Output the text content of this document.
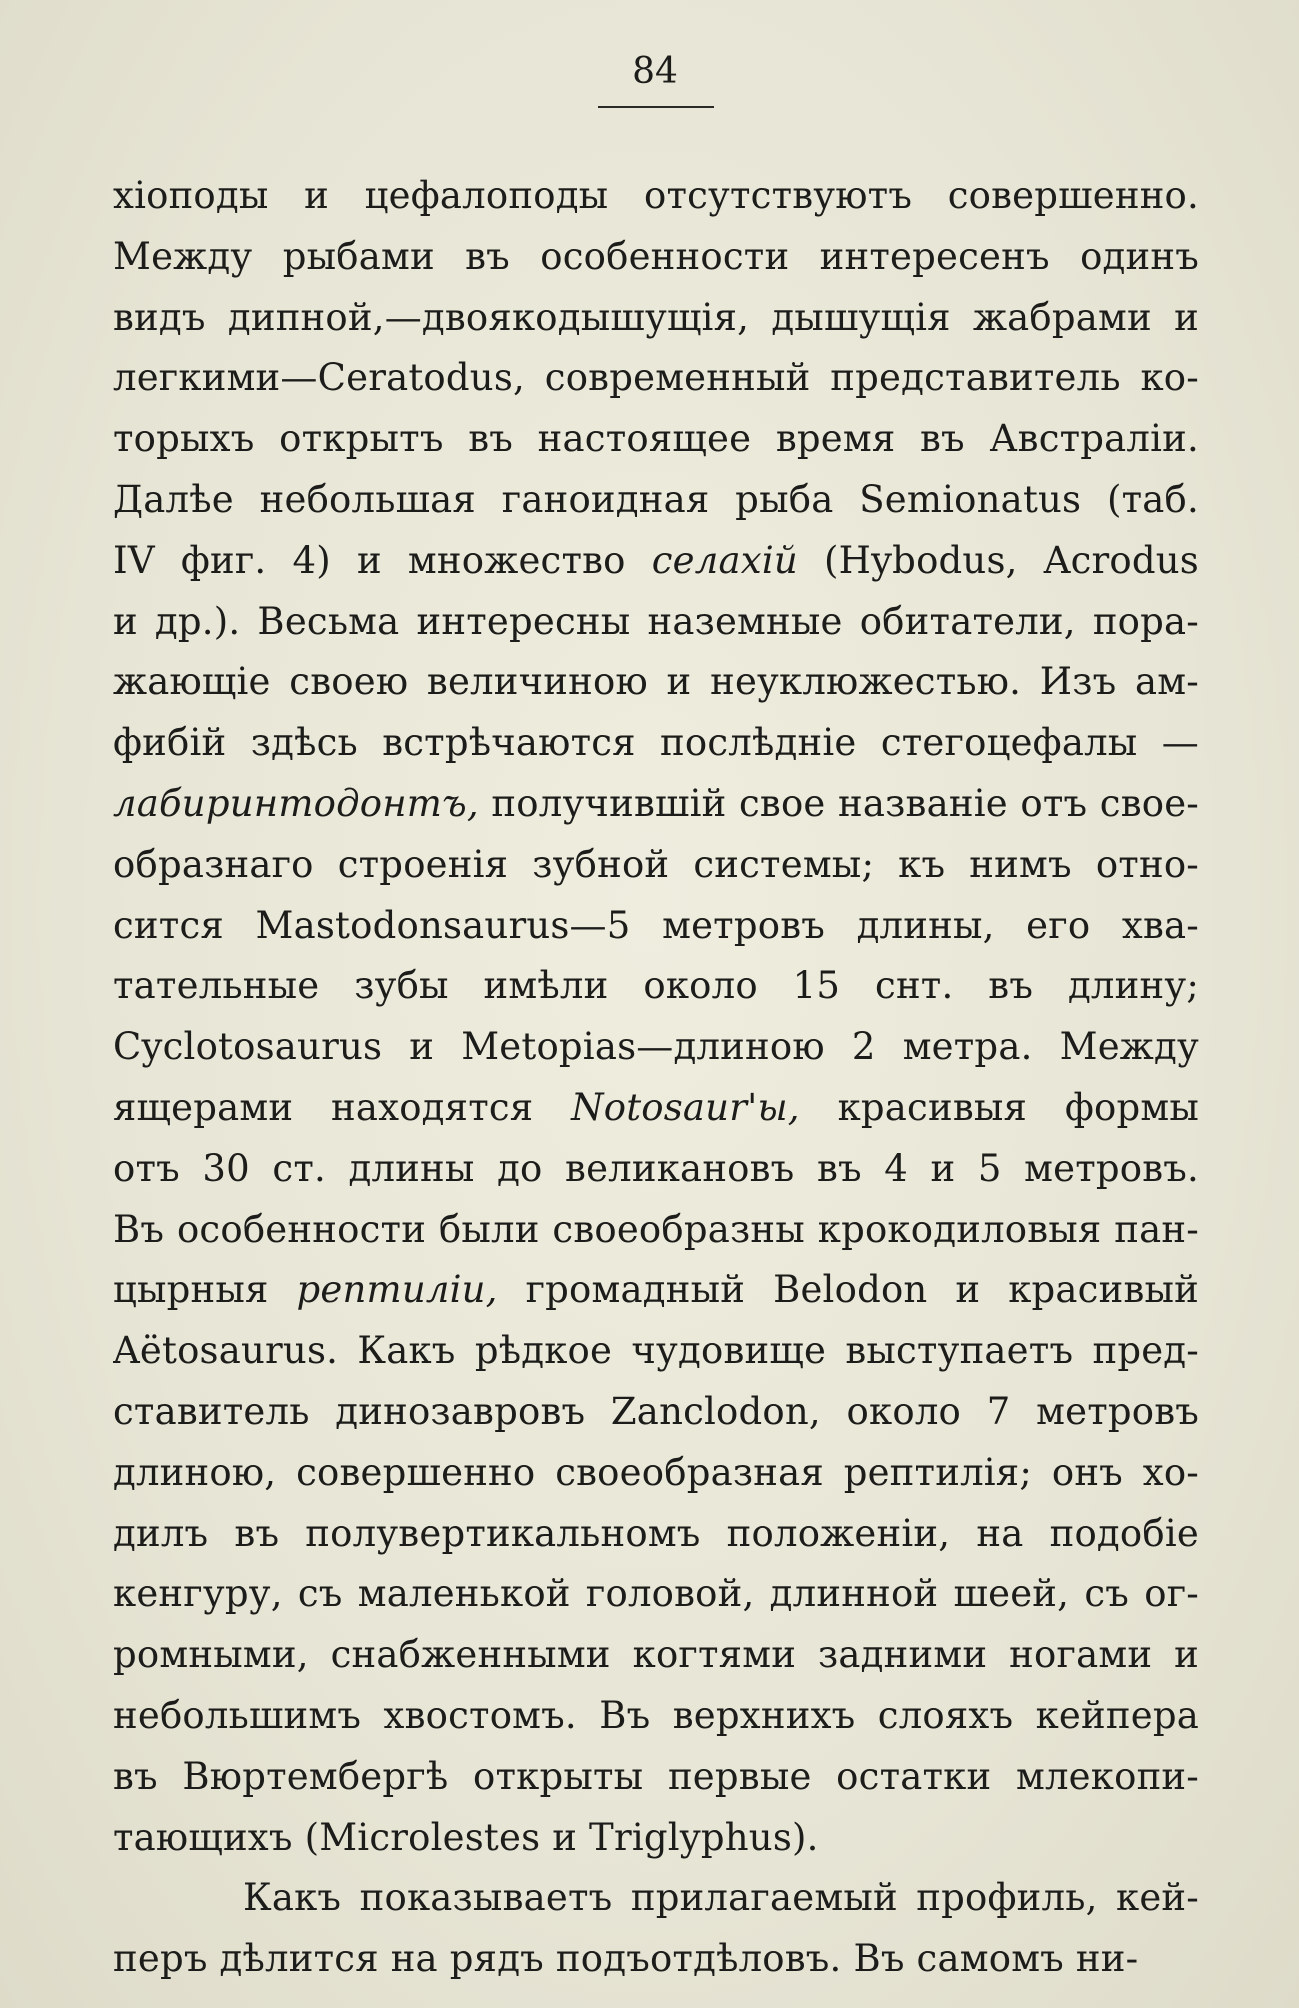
84
хіоподы и цефалоподы отсутствуютъ совершенно.
Между рыбами въ особенности интересенъ одинъ
видъ дипной,—двоякодышущія, дышущія жабрами и
легкими—Ceratodus, современный представитель ко-
торыхъ открытъ въ настоящее время въ Австраліи.
Далѣе небольшая ганоидная рыба Semionatus (таб.
IV фиг. 4) и множество селахій (Hybodus, Acrodus
и др.). Весьма интересны наземные обитатели, пора-
жающіе своею величиною и неуклюжестью. Изъ ам-
фибій здѣсь встрѣчаются послѣдніе стегоцефалы —
лабиринтодонтъ, получившій свое названіе отъ свое-
образнаго строенія зубной системы; къ нимъ отно-
сится Mastodonsaurus—5 метровъ длины, его хва-
тательные зубы имѣли около 15 снт. въ длину;
Cyclotosaurus и Metopias—длиною 2 метра. Между
ящерами находятся Notosaur'ы, красивыя формы
отъ 30 ст. длины до великановъ въ 4 и 5 метровъ.
Въ особенности были своеобразны крокодиловыя пан-
цырныя рептиліи, громадный Belodon и красивый
Aëtosaurus. Какъ рѣдкое чудовище выступаетъ пред-
ставитель динозавровъ Zanclodon, около 7 метровъ
длиною, совершенно своеобразная рептилія; онъ хо-
дилъ въ полувертикальномъ положеніи, на подобіе
кенгуру, съ маленькой головой, длинной шеей, съ ог-
ромными, снабженными когтями задними ногами и
небольшимъ хвостомъ. Въ верхнихъ слояхъ кейпера
въ Вюртембергѣ открыты первые остатки млекопи-
тающихъ (Microlestes и Triglyphus).
Какъ показываетъ прилагаемый профиль, кей-
перъ дѣлится на рядъ подъотдѣловъ. Въ самомъ ни-
